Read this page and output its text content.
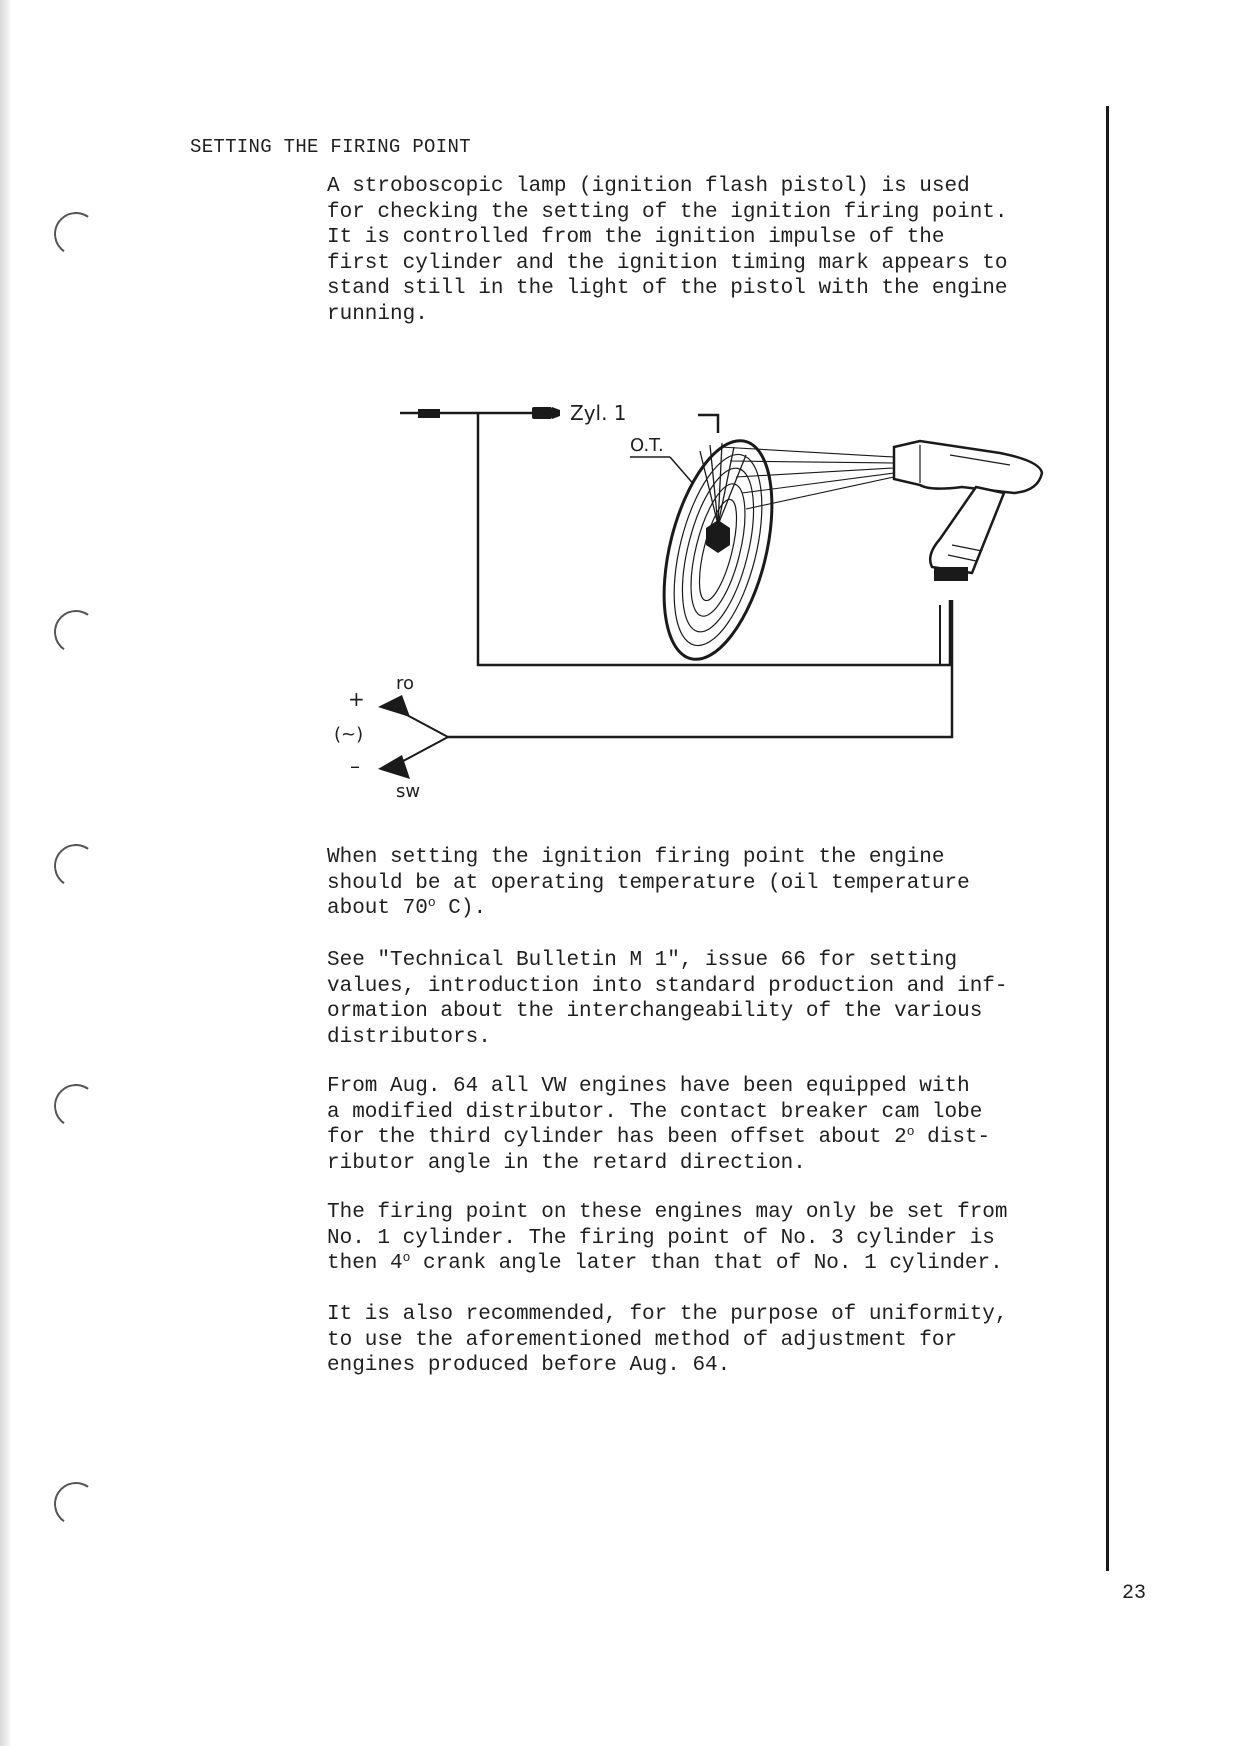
SETTING THE FIRING POINT

A stroboscopic lamp (ignition flash pistol) is used
for checking the setting of the ignition firing point.
It is controlled from the ignition impulse of the
first cylinder and the ignition timing mark appears to
stand still in the light of the pistol with the engine
running.

Zyl. 1
ro
sw
+
–
(~)
O.T.

When setting the ignition firing point the engine
should be at operating temperature (oil temperature
about 70$^o$ C).

See "Technical Bulletin M 1", issue 66 for setting
values, introduction into standard production and inf-
ormation about the interchangeability of the various
distributors.

From Aug. 64 all VW engines have been equipped with
a modified distributor. The contact breaker cam lobe
for the third cylinder has been offset about 2$^o$ dist-
ributor angle in the retard direction.

The firing point on these engines may only be set from
No. 1 cylinder. The firing point of No. 3 cylinder is
then 4$^o$ crank angle later than that of No. 1 cylinder.

It is also recommended, for the purpose of uniformity,
to use the aforementioned method of adjustment for
engines produced before Aug. 64.

23
